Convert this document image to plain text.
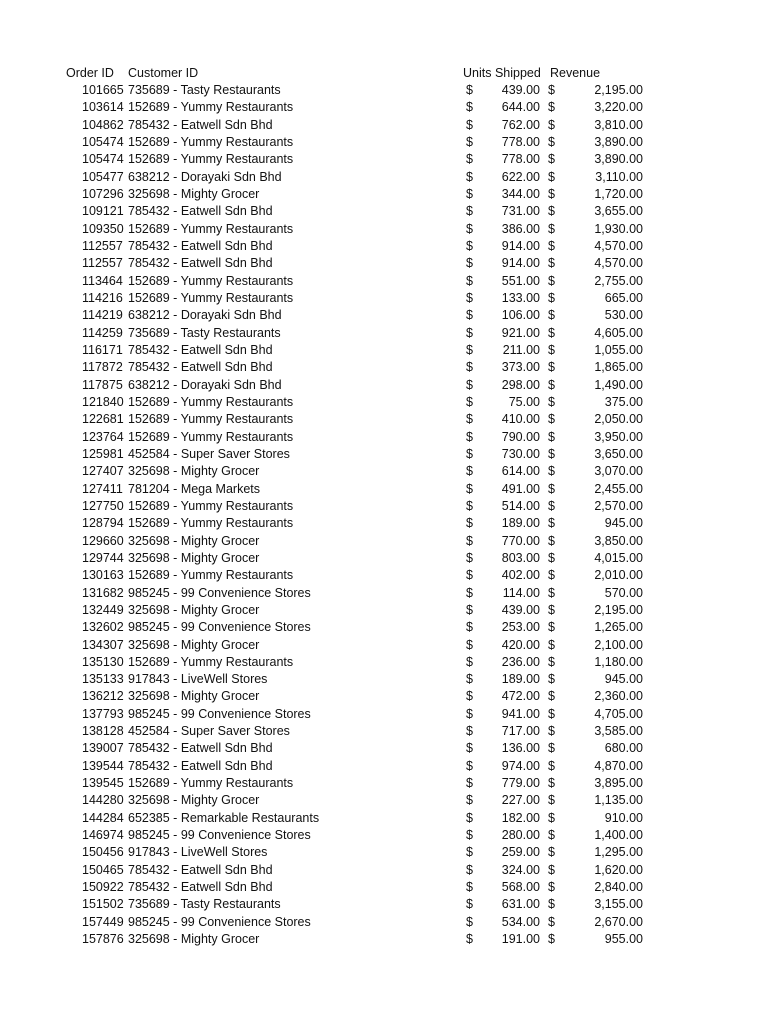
Order ID Customer ID	Units Shipped Revenue
101665 735689 - Tasty Restaurants	$ 439.00 $	2,195.00
103614 152689 - Yummy Restaurants	$ 644.00 $	3,220.00
104862 785432 - Eatwell Sdn Bhd	$ 762.00 $	3,810.00
105474 152689 - Yummy Restaurants	$ 778.00 $	3,890.00
105474 152689 - Yummy Restaurants	$ 778.00 $	3,890.00
105477 638212 - Dorayaki Sdn Bhd	$ 622.00 $	3,110.00
107296 325698 - Mighty Grocer	$ 344.00 $	1,720.00
109121 785432 - Eatwell Sdn Bhd	$ 731.00 $	3,655.00
109350 152689 - Yummy Restaurants	$ 386.00 $	1,930.00
112557 785432 - Eatwell Sdn Bhd	$ 914.00 $	4,570.00
112557 785432 - Eatwell Sdn Bhd	$ 914.00 $	4,570.00
113464 152689 - Yummy Restaurants	$ 551.00 $	2,755.00
114216 152689 - Yummy Restaurants	$ 133.00 $	665.00
114219 638212 - Dorayaki Sdn Bhd	$ 106.00 $	530.00
114259 735689 - Tasty Restaurants	$ 921.00 $	4,605.00
116171 785432 - Eatwell Sdn Bhd	$ 211.00 $	1,055.00
117872 785432 - Eatwell Sdn Bhd	$ 373.00 $	1,865.00
117875 638212 - Dorayaki Sdn Bhd	$ 298.00 $	1,490.00
121840 152689 - Yummy Restaurants	$	75.00 $	375.00
122681 152689 - Yummy Restaurants	$ 410.00 $	2,050.00
123764 152689 - Yummy Restaurants	$ 790.00 $	3,950.00
125981 452584 - Super Saver Stores	$ 730.00 $	3,650.00
127407 325698 - Mighty Grocer	$ 614.00 $	3,070.00
127411 781204 - Mega Markets	$ 491.00 $	2,455.00
127750 152689 - Yummy Restaurants	$ 514.00 $	2,570.00
128794 152689 - Yummy Restaurants	$ 189.00 $	945.00
129660 325698 - Mighty Grocer	$ 770.00 $	3,850.00
129744 325698 - Mighty Grocer	$ 803.00 $	4,015.00
130163 152689 - Yummy Restaurants	$ 402.00 $	2,010.00
131682 985245 - 99 Convenience Stores	$ 114.00 $	570.00
132449 325698 - Mighty Grocer	$ 439.00 $	2,195.00
132602 985245 - 99 Convenience Stores	$ 253.00 $	1,265.00
134307 325698 - Mighty Grocer	$ 420.00 $	2,100.00
135130 152689 - Yummy Restaurants	$ 236.00 $	1,180.00
135133 917843 - LiveWell Stores	$ 189.00 $	945.00
136212 325698 - Mighty Grocer	$ 472.00 $	2,360.00
137793 985245 - 99 Convenience Stores	$ 941.00 $	4,705.00
138128 452584 - Super Saver Stores	$ 717.00 $	3,585.00
139007 785432 - Eatwell Sdn Bhd	$ 136.00 $	680.00
139544 785432 - Eatwell Sdn Bhd	$ 974.00 $	4,870.00
139545 152689 - Yummy Restaurants	$ 779.00 $	3,895.00
144280 325698 - Mighty Grocer	$ 227.00 $	1,135.00
144284 652385 - Remarkable Restaurants	$ 182.00 $	910.00
146974 985245 - 99 Convenience Stores	$ 280.00 $	1,400.00
150456 917843 - LiveWell Stores	$ 259.00 $	1,295.00
150465 785432 - Eatwell Sdn Bhd	$ 324.00 $	1,620.00
150922 785432 - Eatwell Sdn Bhd	$ 568.00 $	2,840.00
151502 735689 - Tasty Restaurants	$ 631.00 $	3,155.00
157449 985245 - 99 Convenience Stores	$ 534.00 $	2,670.00
157876 325698 - Mighty Grocer	$ 191.00 $	955.00
